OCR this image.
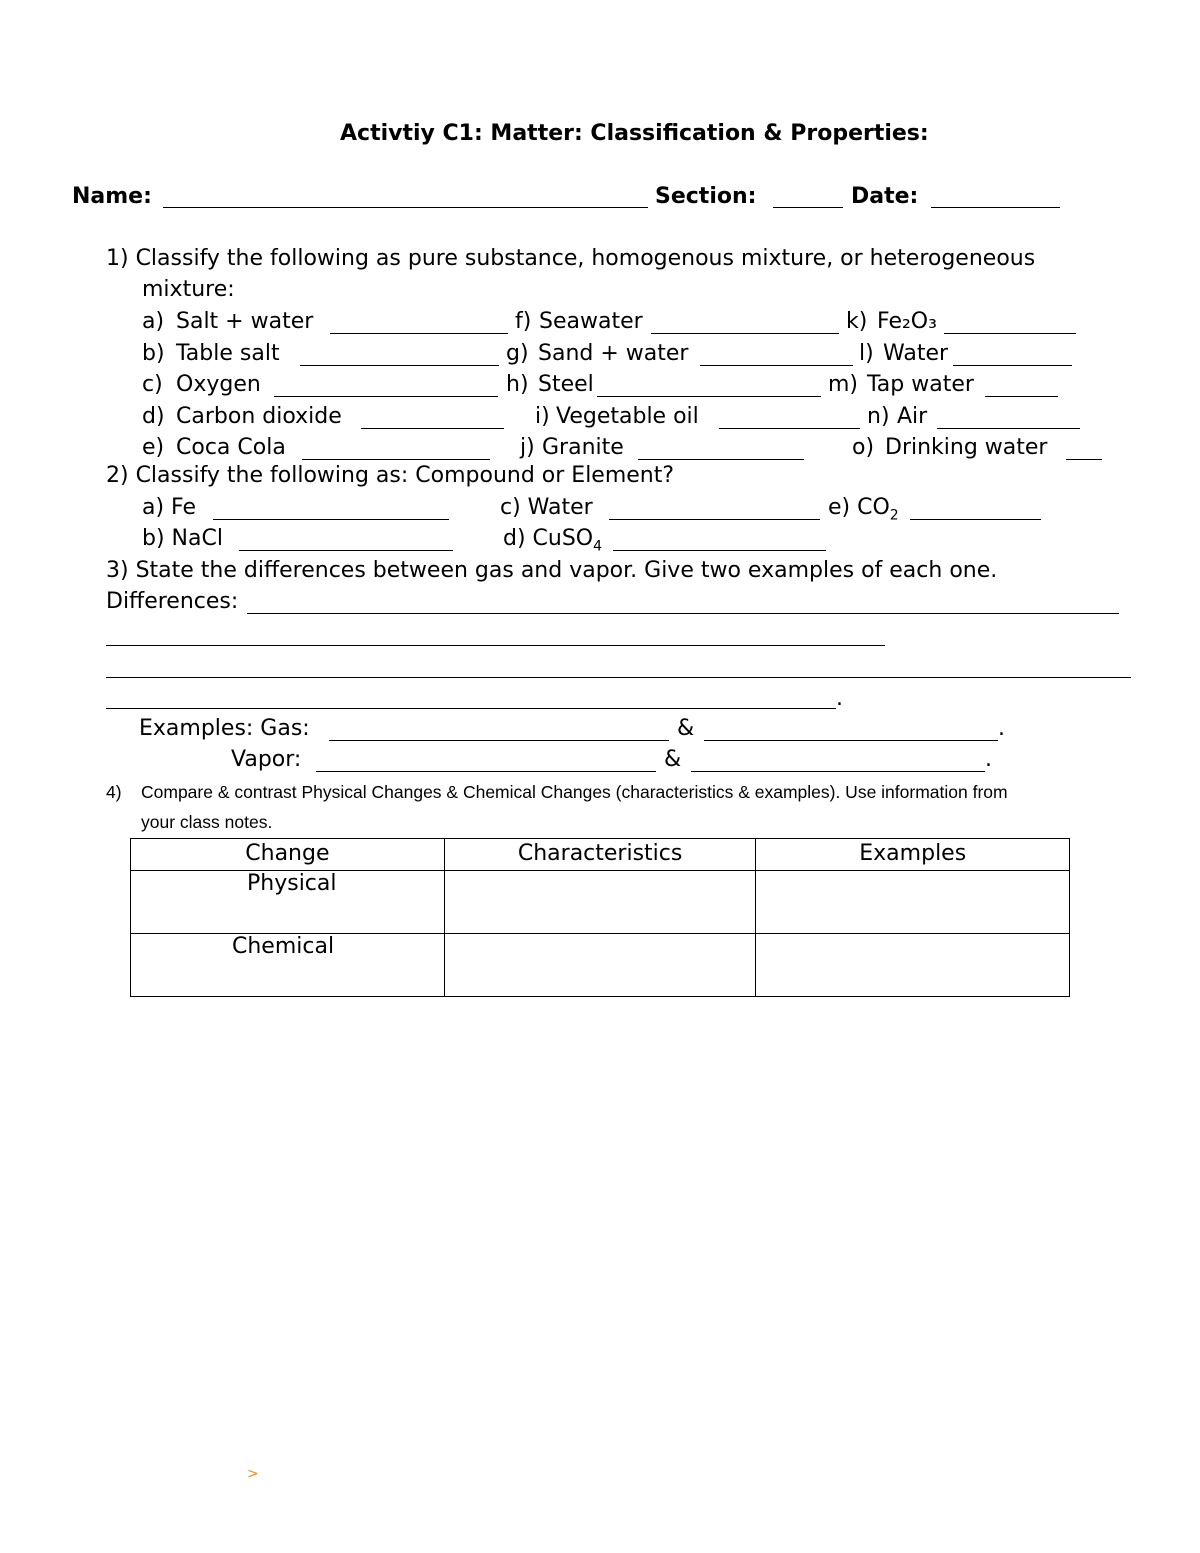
Activtiy C1: Matter: Classification & Properties:
Name:	Section:	Date:
1) Classify the following as pure substance, homogenous mixture, or heterogeneous
mixture:
a) Salt + water	f) Seawater	k) Fe₂O₃
b) Table salt	g) Sand + water	l) Water
c) Oxygen	h) Steel	m) Tap water
d) Carbon dioxide	i) Vegetable oil	n) Air
e) Coca Cola	j) Granite	o) Drinking water
2) Classify the following as: Compound or Element?
a) Fe	c) Water	e) $CO_2$
b) NaCl	d) CuSO$_4$
3) State the differences between gas and vapor. Give two examples of each one.
Differences:
.
Examples: Gas:	&	.
Vapor:	&	.
4) Compare & contrast Physical Changes & Chemical Changes (characteristics & examples). Use information from
your class notes.
Change	Characteristics	Examples

Physical		

Chemical		

>
